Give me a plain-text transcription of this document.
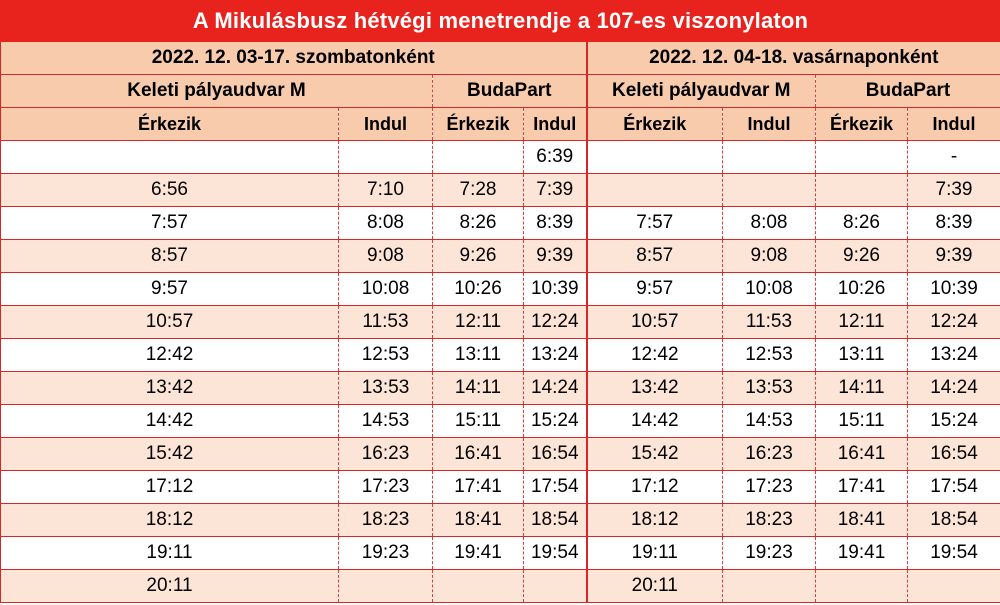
A Mikulásbusz hétvégi menetrendje a 107-es viszonylaton							
2022. 12. 03-17. szombatonként				2022. 12. 04-18. vasárnaponként			
Keleti pályaudvar M		BudaPart		Keleti pályaudvar M		BudaPart	
Érkezik	Indul	Érkezik	Indul	Érkezik	Indul	Érkezik	Indul
			6:39				-
6:56	7:10	7:28	7:39				7:39
7:57	8:08	8:26	8:39	7:57	8:08	8:26	8:39
8:57	9:08	9:26	9:39	8:57	9:08	9:26	9:39
9:57	10:08	10:26	10:39	9:57	10:08	10:26	10:39
10:57	11:53	12:11	12:24	10:57	11:53	12:11	12:24
12:42	12:53	13:11	13:24	12:42	12:53	13:11	13:24
13:42	13:53	14:11	14:24	13:42	13:53	14:11	14:24
14:42	14:53	15:11	15:24	14:42	14:53	15:11	15:24
15:42	16:23	16:41	16:54	15:42	16:23	16:41	16:54
17:12	17:23	17:41	17:54	17:12	17:23	17:41	17:54
18:12	18:23	18:41	18:54	18:12	18:23	18:41	18:54
19:11	19:23	19:41	19:54	19:11	19:23	19:41	19:54
20:11				20:11			
